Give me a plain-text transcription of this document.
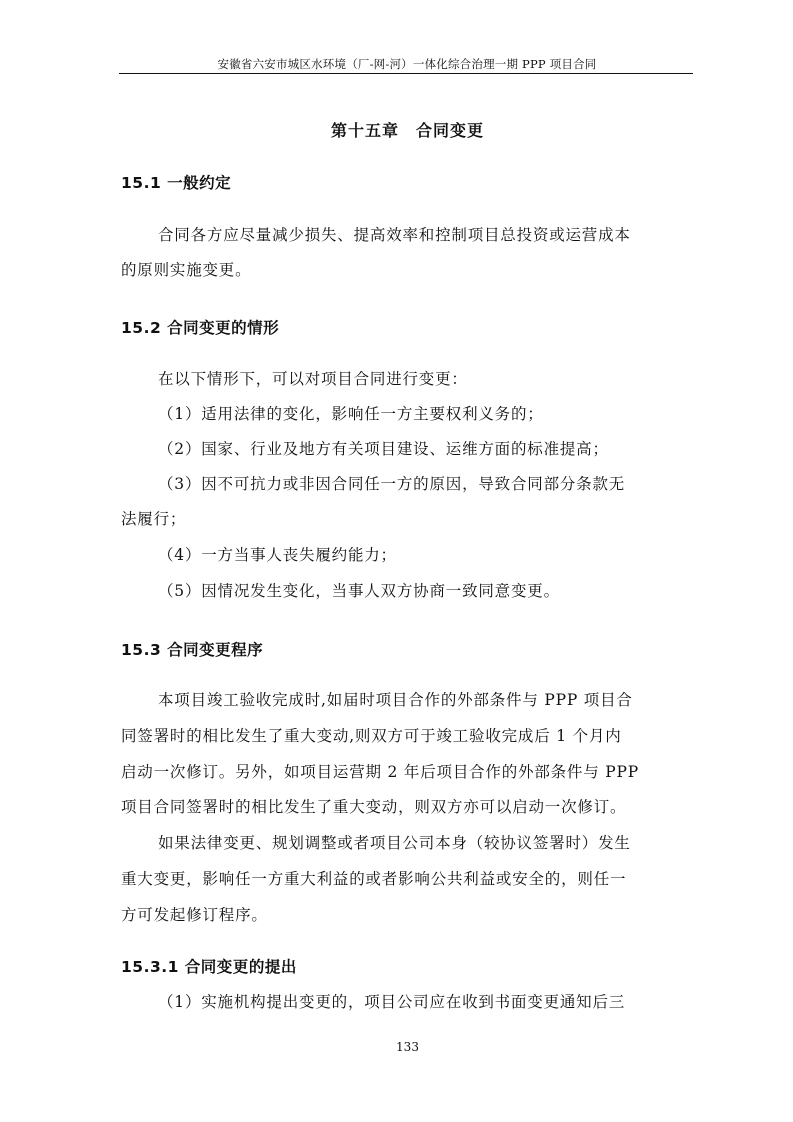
安徽省六安市城区水环境（厂-网-河）一体化综合治理一期 PPP 项目合同
第十五章　合同变更
15.1 一般约定
合同各方应尽量减少损失、提高效率和控制项目总投资或运营成本
的原则实施变更。
15.2 合同变更的情形
在以下情形下，可以对项目合同进行变更：
（1）适用法律的变化，影响任一方主要权利义务的；
（2）国家、行业及地方有关项目建设、运维方面的标准提高；
（3）因不可抗力或非因合同任一方的原因，导致合同部分条款无
法履行；
（4）一方当事人丧失履约能力；
（5）因情况发生变化，当事人双方协商一致同意变更。
15.3 合同变更程序
本项目竣工验收完成时,如届时项目合作的外部条件与 PPP 项目合
同签署时的相比发生了重大变动,则双方可于竣工验收完成后 1 个月内
启动一次修订。另外，如项目运营期 2 年后项目合作的外部条件与 PPP
项目合同签署时的相比发生了重大变动，则双方亦可以启动一次修订。
如果法律变更、规划调整或者项目公司本身（较协议签署时）发生
重大变更，影响任一方重大利益的或者影响公共利益或安全的，则任一
方可发起修订程序。
15.3.1 合同变更的提出
（1）实施机构提出变更的，项目公司应在收到书面变更通知后三
133
